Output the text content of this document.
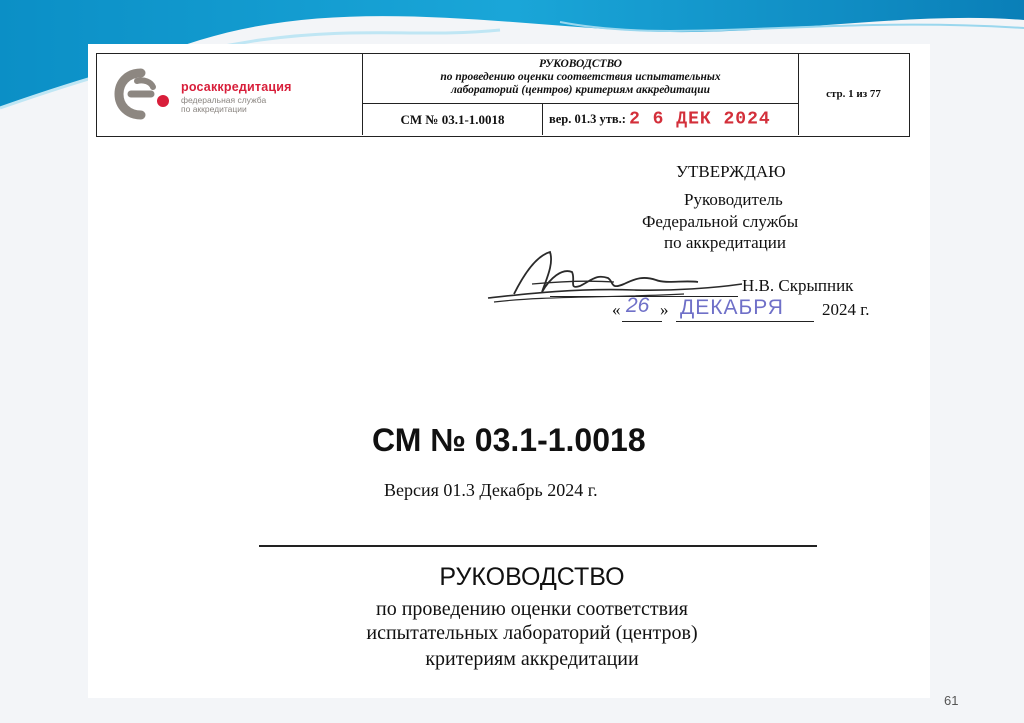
росаккредитация
федеральная служба
по аккредитации
РУКОВОДСТВО
по проведению оценки соответствия испытательных
лабораторий (центров) критериям аккредитации
СМ № 03.1-1.0018	вер. 01.3 утв.: 2 6 ДЕК 2024
стр. 1 из 77
УТВЕРЖДАЮ
Руководитель
Федеральной службы
по аккредитации
Н.В. Скрыпник
« 26 » ДЕКАБРЯ 2024 г.
СМ № 03.1-1.0018
Версия 01.3 Декабрь 2024 г.
РУКОВОДСТВО
по проведению оценки соответствия
испытательных лабораторий (центров)
критериям аккредитации
61
